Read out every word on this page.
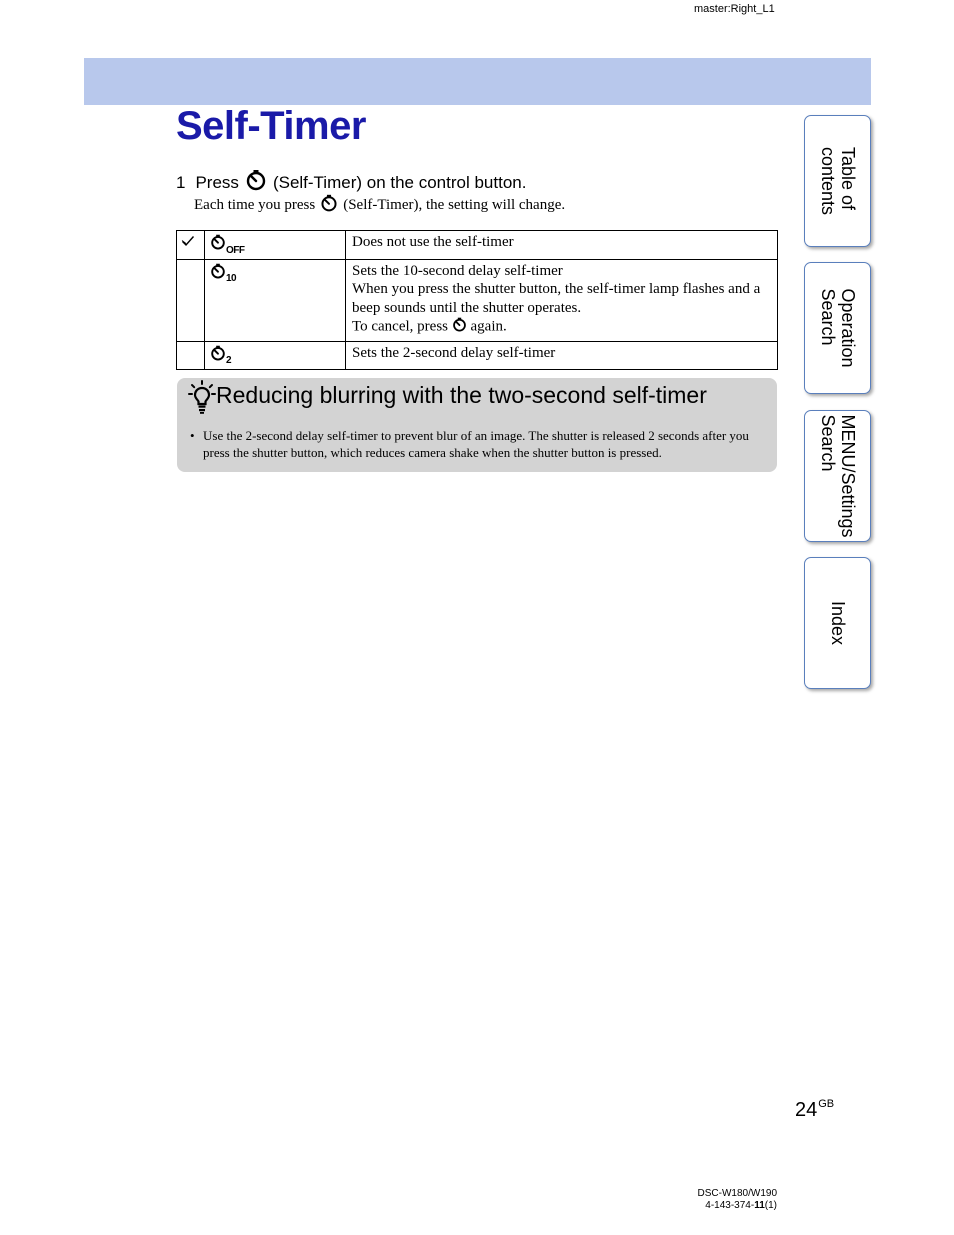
master:Right_L1
Self-Timer
1 Press (Self-Timer) on the control button.
Each time you press (Self-Timer), the setting will change.

OFF	Does not use the self-timer

	10	Sets the 10-second delay self-timer
When you press the shutter button, the self-timer lamp flashes and a beep sounds until the shutter operates.
To cancel, press again.

	2	Sets the 2-second delay self-timer
Reducing blurring with the two-second self-timer
• Use the 2-second delay self-timer to prevent blur of an image. The shutter is released 2 seconds after you press the shutter button, which reduces camera shake when the shutter button is pressed.
Table of
contents
Operation
Search
MENU/Settings
Search
Index
$24^{GB}$
DSC-W180/W190
4-143-374-11(1)
